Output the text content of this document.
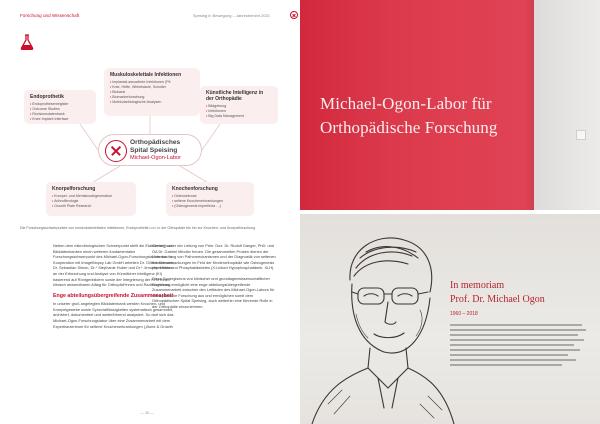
Forschung und Wissenschaft	Spesing in Bewegung – Jahresbericht 2021
Muskuloskelettale Infektionen
• Implantat-assoziierte Infektionen (Ptl
• Knie, Hüfte, Wirbelsäule, Schulter
• Biobank
• Biomarkerforschung
• Molekularbiologische Analysen
Endoprothetik
• Endoprothesenregister
• Outcome Studies
• Revisionsdatenbank
• Knee Implant Interface
Künstliche Intelligenz in der Orthopädie
• Bildgebung
• Infektionen
• Big Data Management
Orthopädisches
Spital Speising
Michael-Ogon-Labor
Knorpelforschung
• Knorpel- und Meniskusdegeneration
• Arthrofibrologie
• Growth Plate Research
Knochenforschung
• Osteonekrose
• seltene Knochenerkrankungen
• (Osteogenesis imperfecta …)
Die Forschungsschwerpunkte von muskuloskelettalen Infektionen, Endoprothetik u.m. in der Orthopädie bis hin zur Knochen- und Knorpelforschung

Neben dem mikrobiologischen Schwerpunkt stellt die Etablierung von Bilddatenbanken einen weiteren fundamentalen Forschungsschwerpunkt des Michael-Ogon-Forschungslabors dar. In Kooperation mit ImageBiopsy Lab GmbH arbeiten Dr. Gilbert Schwarz, Dr. Sebastian Simon, Dr.* Stephanie Huber und Dr.* Jennyfer Mitterer an der Erforschung und Analyse von Künstlicher Intelligenz (KI) basierend auf Röntgenbildern sowie der Integrierung der KI in einen klinisch anwendbaren Alltag für Orthopäd*innen und Radiolog*innen.

Enge abteilungsübergreifende Zusammenarbeit

In unserer groß angelegten Bilddatenbank werden Knochen- und Knorpelgewebe sowie Synovialflüssigkeiten systematisch gesammelt, archiviert, dokumentiert und weiterführend analysiert. So darf sich das Michael-Ogon-Forschungslabor über eine Zusammenarbeit mit dem Expertisezentrum für seltene Knochenerkrankungen („Bone & Growth

Center“) unter der Leitung von Prim. Doz. Dr. Rudolf Ganger, PhD. und OA Dr. Gabriel Mindler freuen. Die gesammelten Proben dienen der Untersuchung von Pathomechanismen und der Diagnostik von seltenen Knochenerkrankungen im Feld der Kinderorthopädie wie Osteogenesis imperfecta und Phosphatdiabetes (X-Linked Hypophosphatämie, XLH).

Diese Synergismus von klinischer und grundlagenwissenschaftlicher Forschung ermöglicht eine enge abteilungsübergreifende Zusammenarbeit zwischen den Leitfaden des Michael-Ogon-Labors für Orthopädische Forschung aus und ermöglichen somit dem Orthopädischen Spital Speising, auch weiterhin eine führende Rolle in der Orthopädie einzunehmen.

— 36 —
Michael-Ogon-Labor für
Orthopädische Forschung
In memoriam
Prof. Dr. Michael Ogon
1960 – 2018
